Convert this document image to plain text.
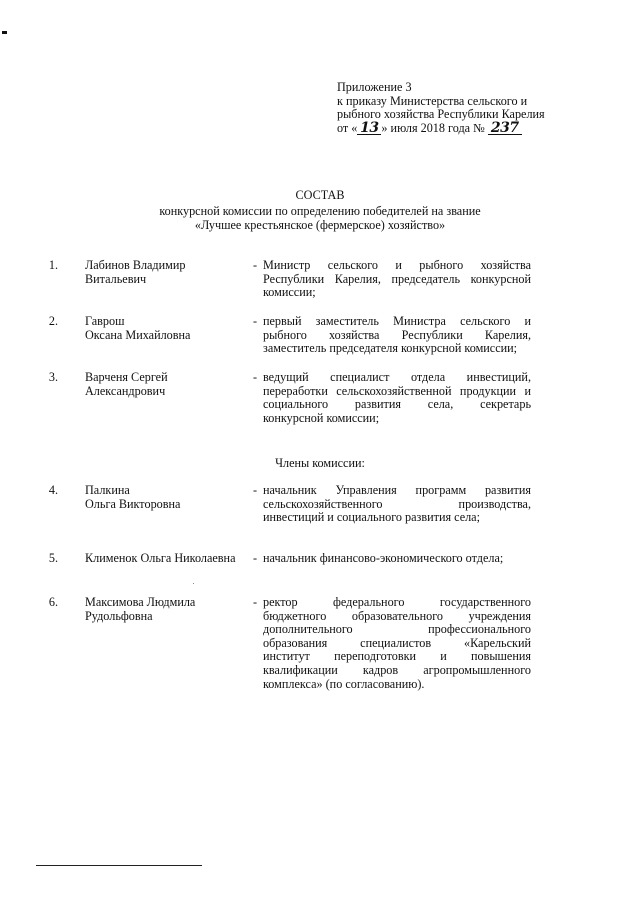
Приложение 3
к приказу Министерства сельского и
рыбного хозяйства Республики Карелия
от « 13 » июля 2018 года № 237
СОСТАВ
конкурсной комиссии по определению победителей на звание
«Лучшее крестьянское (фермерское) хозяйство»
1. Лабинов Владимир
Витальевич
- Министр сельского и рыбного хозяйства
Республики Карелия, председатель конкурсной
комиссии;
2. Гаврош
Оксана Михайловна
- первый заместитель Министра сельского и
рыбного хозяйства Республики Карелия,
заместитель председателя конкурсной комиссии;
3. Варченя Сергей
Александрович
- ведущий специалист отдела инвестиций,
переработки сельскохозяйственной продукции и
социального развития села, секретарь
конкурсной комиссии;
Члены комиссии:
4. Палкина
Ольга Викторовна
- начальник Управления программ развития
сельскохозяйственного производства,
инвестиций и социального развития села;
5. Клименок Ольга Николаевна	- начальник финансово-экономического отдела;
6. Максимова Людмила
Рудольфовна
- ректор федерального государственного
бюджетного образовательного учреждения
дополнительного профессионального
образования специалистов «Карельский
институт переподготовки и повышения
квалификации кадров агропромышленного
комплекса» (по согласованию).
